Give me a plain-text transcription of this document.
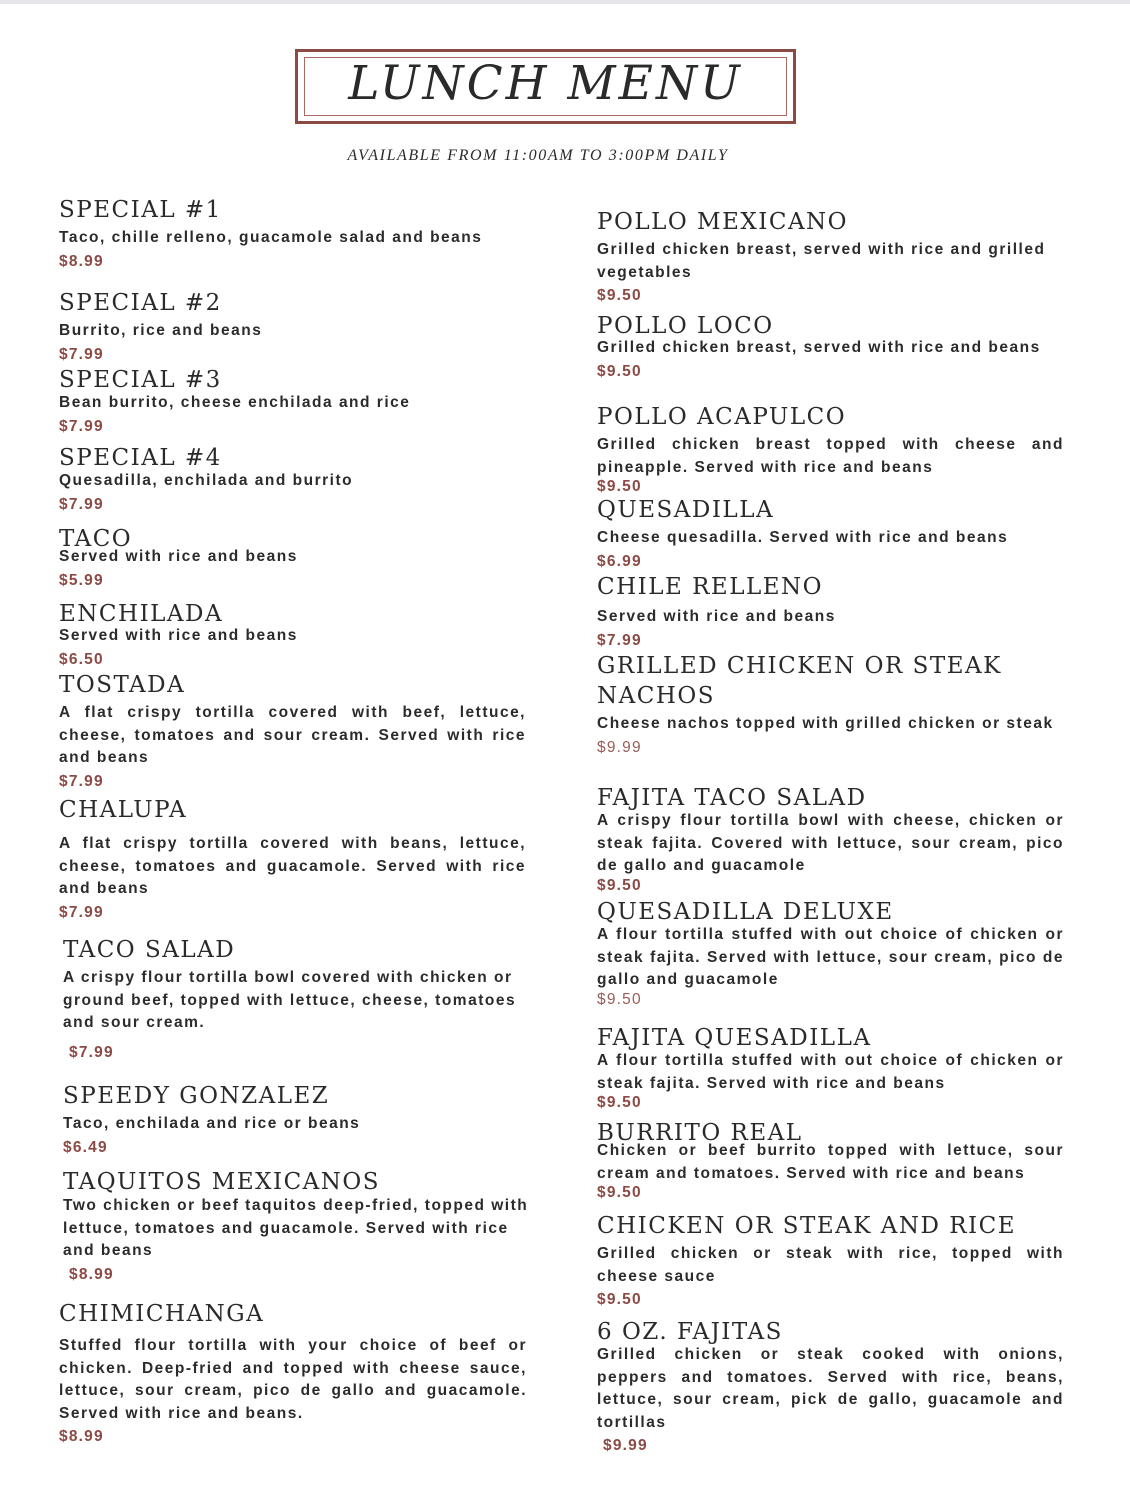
LUNCH MENU
AVAILABLE FROM 11:00AM TO 3:00PM DAILY
SPECIAL #1
Taco, chille relleno, guacamole salad and beans
$8.99
SPECIAL #2
Burrito, rice and beans
$7.99
SPECIAL #3
Bean burrito, cheese enchilada and rice
$7.99
SPECIAL #4
Quesadilla, enchilada and burrito
$7.99
TACO
Served with rice and beans
$5.99
ENCHILADA
Served with rice and beans
$6.50
TOSTADA
A flat crispy tortilla covered with beef, lettuce, cheese, tomatoes and sour cream. Served with rice and beans
$7.99
CHALUPA
A flat crispy tortilla covered with beans, lettuce, cheese, tomatoes and guacamole. Served with rice and beans
$7.99
TACO SALAD
A crispy flour tortilla bowl covered with chicken or ground beef, topped with lettuce, cheese, tomatoes and sour cream.
$7.99
SPEEDY GONZALEZ
Taco, enchilada and rice or beans
$6.49
TAQUITOS MEXICANOS
Two chicken or beef taquitos deep-fried, topped with lettuce, tomatoes and guacamole. Served with rice and beans
$8.99
CHIMICHANGA
Stuffed flour tortilla with your choice of beef or chicken. Deep-fried and topped with cheese sauce, lettuce, sour cream, pico de gallo and guacamole. Served with rice and beans.
$8.99
POLLO MEXICANO
Grilled chicken breast, served with rice and grilled vegetables
$9.50
POLLO LOCO
Grilled chicken breast, served with rice and beans
$9.50
POLLO ACAPULCO
Grilled chicken breast topped with cheese and pineapple. Served with rice and beans
$9.50
QUESADILLA
Cheese quesadilla. Served with rice and beans
$6.99
CHILE RELLENO
Served with rice and beans
$7.99
GRILLED CHICKEN OR STEAK NACHOS
Cheese nachos topped with grilled chicken or steak
$9.99
FAJITA TACO SALAD
A crispy flour tortilla bowl with cheese, chicken or steak fajita. Covered with lettuce, sour cream, pico de gallo and guacamole
$9.50
QUESADILLA DELUXE
A flour tortilla stuffed with out choice of chicken or steak fajita. Served with lettuce, sour cream, pico de gallo and guacamole
$9.50
FAJITA QUESADILLA
A flour tortilla stuffed with out choice of chicken or steak fajita. Served with rice and beans
$9.50
BURRITO REAL
Chicken or beef burrito topped with lettuce, sour cream and tomatoes. Served with rice and beans
$9.50
CHICKEN OR STEAK AND RICE
Grilled chicken or steak with rice, topped with cheese sauce
$9.50
6 OZ. FAJITAS
Grilled chicken or steak cooked with onions, peppers and tomatoes. Served with rice, beans, lettuce, sour cream, pick de gallo, guacamole and tortillas
$9.99
